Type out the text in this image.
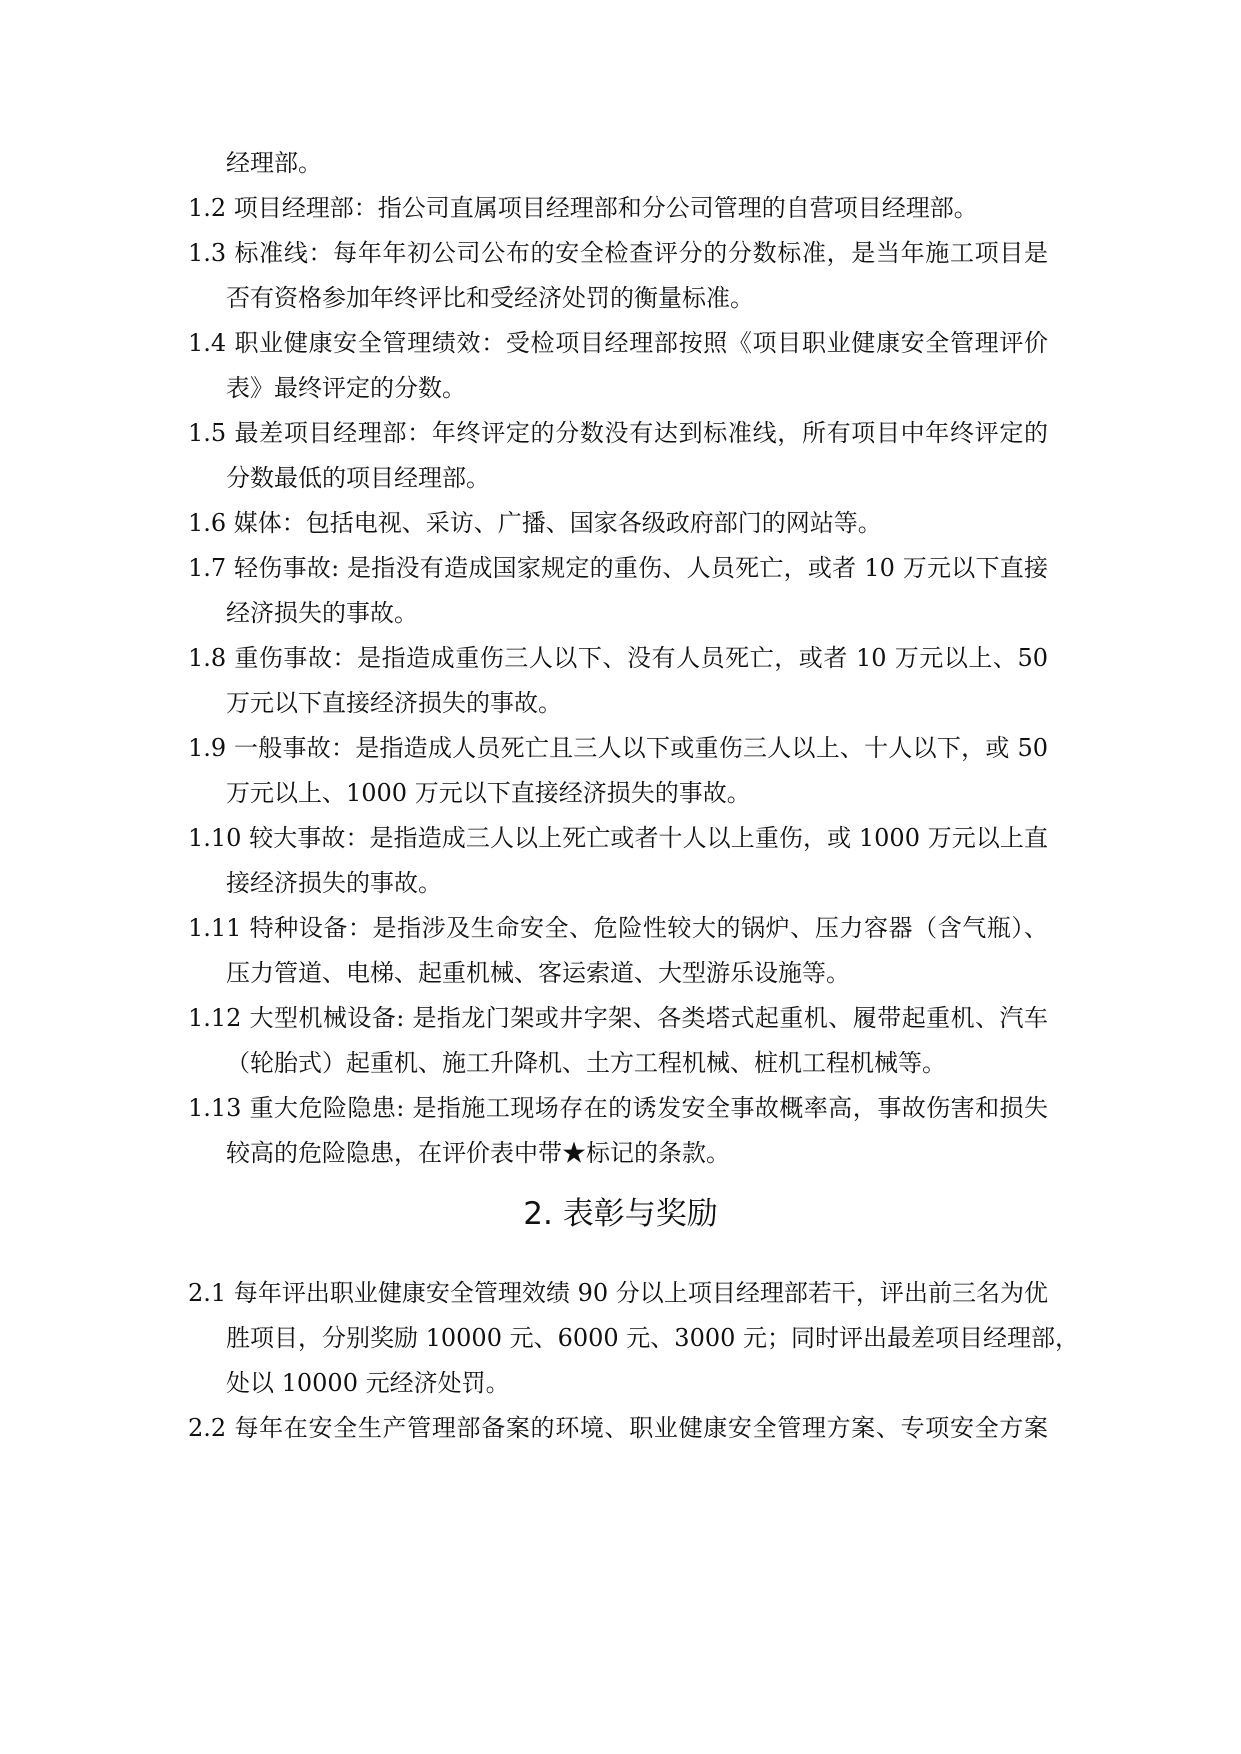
经理部。
1.2 项目经理部：指公司直属项目经理部和分公司管理的自营项目经理部。
1.3 标准线：每年年初公司公布的安全检查评分的分数标准，是当年施工项目是
否有资格参加年终评比和受经济处罚的衡量标准。
1.4 职业健康安全管理绩效：受检项目经理部按照《项目职业健康安全管理评价
表》最终评定的分数。
1.5 最差项目经理部：年终评定的分数没有达到标准线，所有项目中年终评定的
分数最低的项目经理部。
1.6 媒体：包括电视、采访、广播、国家各级政府部门的网站等。
1.7 轻伤事故: 是指没有造成国家规定的重伤、人员死亡，或者 10 万元以下直接
经济损失的事故。
1.8 重伤事故：是指造成重伤三人以下、没有人员死亡，或者 10 万元以上、50
万元以下直接经济损失的事故。
1.9 一般事故：是指造成人员死亡且三人以下或重伤三人以上、十人以下，或 50
万元以上、1000 万元以下直接经济损失的事故。
1.10 较大事故：是指造成三人以上死亡或者十人以上重伤，或 1000 万元以上直
接经济损失的事故。
1.11 特种设备：是指涉及生命安全、危险性较大的锅炉、压力容器（含气瓶）、
压力管道、电梯、起重机械、客运索道、大型游乐设施等。
1.12 大型机械设备: 是指龙门架或井字架、各类塔式起重机、履带起重机、汽车
（轮胎式）起重机、施工升降机、土方工程机械、桩机工程机械等。
1.13 重大危险隐患: 是指施工现场存在的诱发安全事故概率高，事故伤害和损失
较高的危险隐患，在评价表中带★标记的条款。
2. 表彰与奖励
2.1 每年评出职业健康安全管理效绩 90 分以上项目经理部若干，评出前三名为优
胜项目，分别奖励 10000 元、6000 元、3000 元；同时评出最差项目经理部，
处以 10000 元经济处罚。
2.2 每年在安全生产管理部备案的环境、职业健康安全管理方案、专项安全方案
